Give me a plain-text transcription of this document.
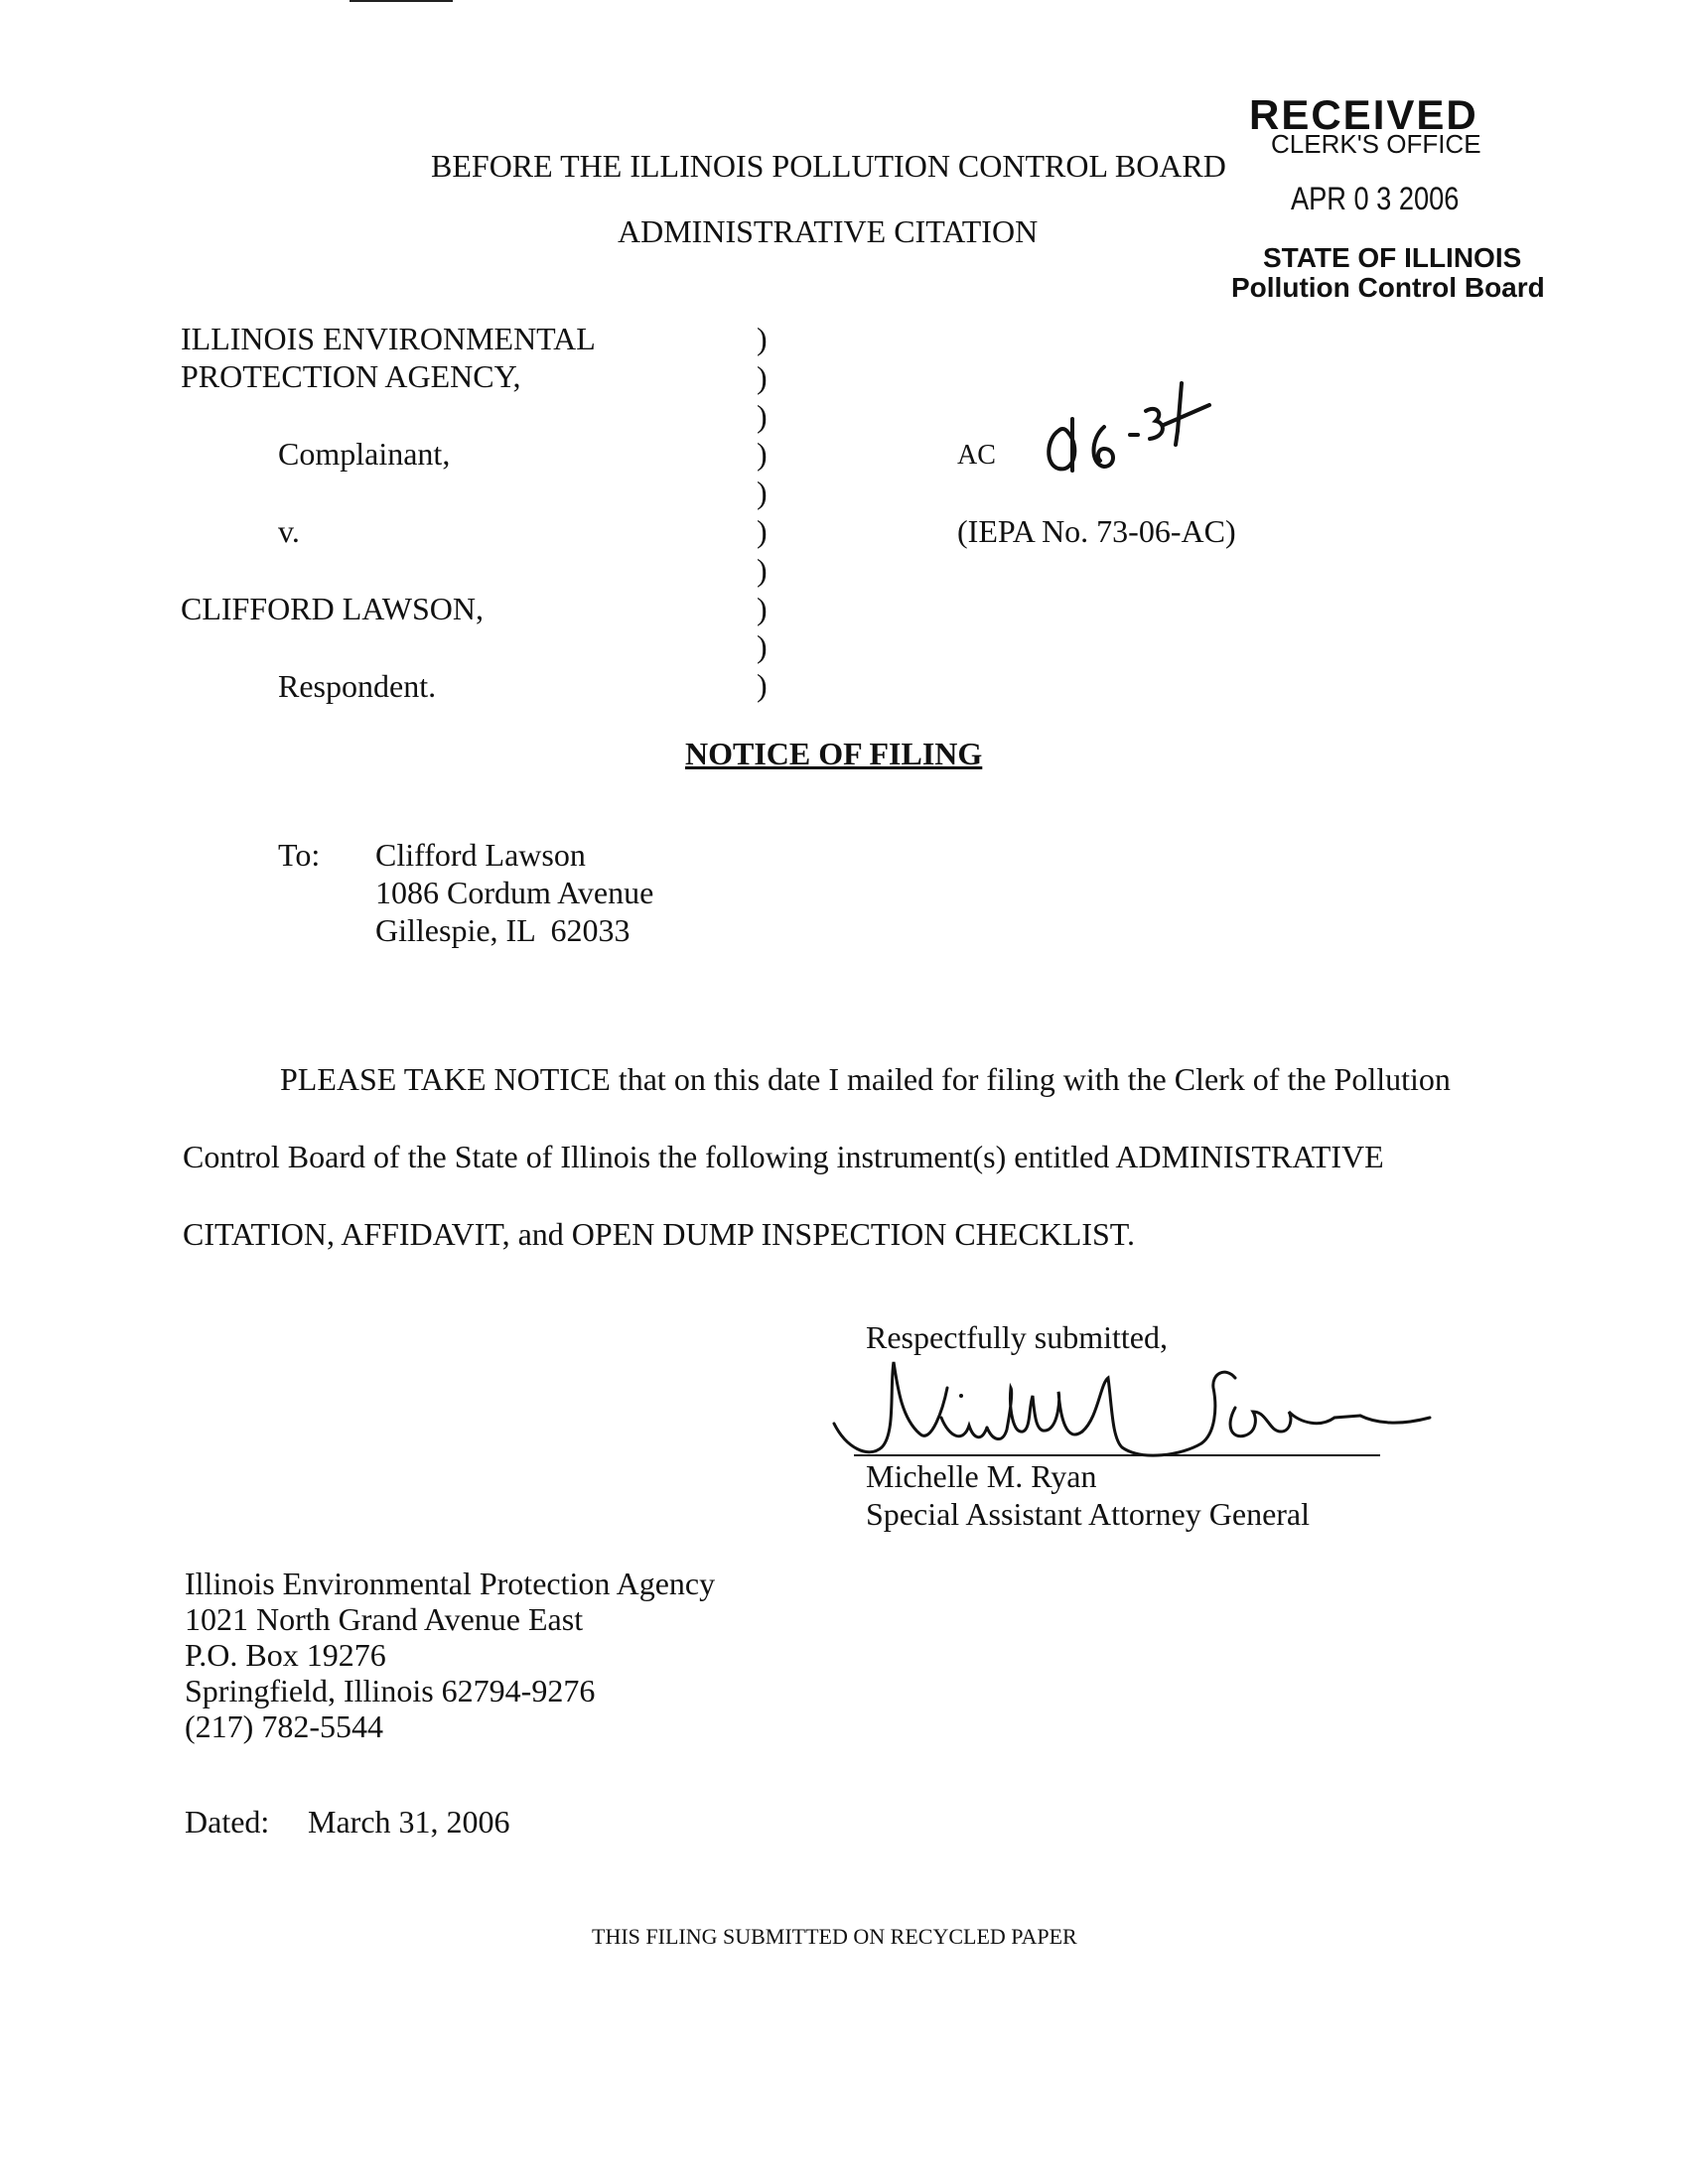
BEFORE THE ILLINOIS POLLUTION CONTROL BOARD
ADMINISTRATIVE CITATION
RECEIVED
CLERK'S OFFICE
APR 0 3 2006
STATE OF ILLINOIS
Pollution Control Board
ILLINOIS ENVIRONMENTAL
PROTECTION AGENCY,
Complainant,
v.
CLIFFORD LAWSON,
Respondent.
)
)
)
)
)
)
)
)
)
)
AC
(IEPA No. 73-06-AC)
NOTICE OF FILING
To: Clifford Lawson
1086 Cordum Avenue
Gillespie, IL  62033
PLEASE TAKE NOTICE that on this date I mailed for filing with the Clerk of the Pollution
Control Board of the State of Illinois the following instrument(s) entitled ADMINISTRATIVE
CITATION, AFFIDAVIT, and OPEN DUMP INSPECTION CHECKLIST.
Respectfully submitted,
Michelle M. Ryan
Special Assistant Attorney General
Illinois Environmental Protection Agency
1021 North Grand Avenue East
P.O. Box 19276
Springfield, Illinois 62794-9276
(217) 782-5544
Dated: March 31, 2006
THIS FILING SUBMITTED ON RECYCLED PAPER
